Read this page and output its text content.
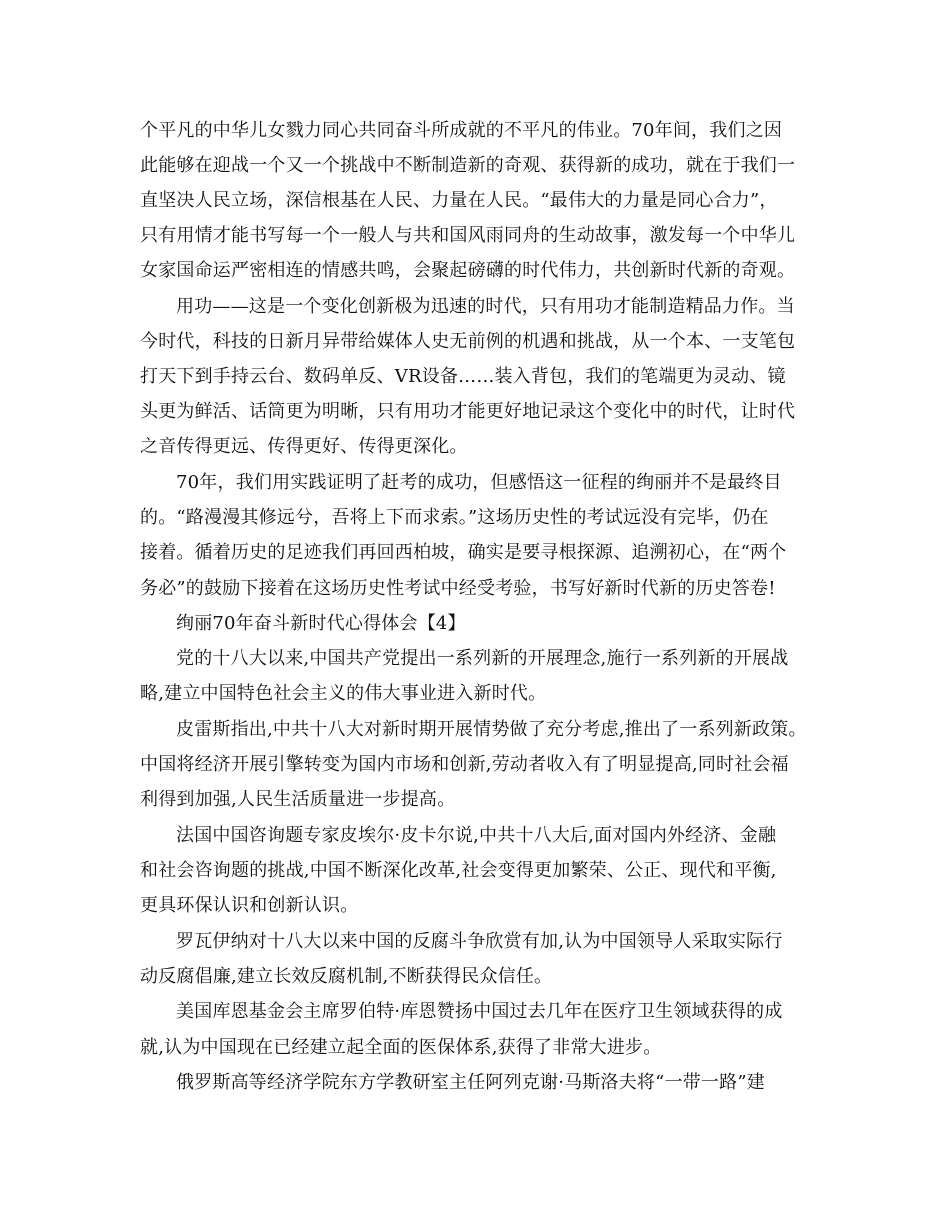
个平凡的中华儿女戮力同心共同奋斗所成就的不平凡的伟业。70年间，我们之因
此能够在迎战一个又一个挑战中不断制造新的奇观、获得新的成功，就在于我们一
直坚决人民立场，深信根基在人民、力量在人民。“最伟大的力量是同心合力”，
只有用情才能书写每一个一般人与共和国风雨同舟的生动故事，激发每一个中华儿
女家国命运严密相连的情感共鸣，会聚起磅礴的时代伟力，共创新时代新的奇观。
用功——这是一个变化创新极为迅速的时代，只有用功才能制造精品力作。当
今时代，科技的日新月异带给媒体人史无前例的机遇和挑战，从一个本、一支笔包
打天下到手持云台、数码单反、VR设备……装入背包，我们的笔端更为灵动、镜
头更为鲜活、话筒更为明晰，只有用功才能更好地记录这个变化中的时代，让时代
之音传得更远、传得更好、传得更深化。
70年，我们用实践证明了赶考的成功，但感悟这一征程的绚丽并不是最终目
的。“路漫漫其修远兮，吾将上下而求索。”这场历史性的考试远没有完毕，仍在
接着。循着历史的足迹我们再回西柏坡，确实是要寻根探源、追溯初心，在“两个
务必”的鼓励下接着在这场历史性考试中经受考验，书写好新时代新的历史答卷!
绚丽70年奋斗新时代心得体会【4】
党的十八大以来,中国共产党提出一系列新的开展理念,施行一系列新的开展战
略,建立中国特色社会主义的伟大事业进入新时代。
皮雷斯指出,中共十八大对新时期开展情势做了充分考虑,推出了一系列新政策。
中国将经济开展引擎转变为国内市场和创新,劳动者收入有了明显提高,同时社会福
利得到加强,人民生活质量进一步提高。
法国中国咨询题专家皮埃尔·皮卡尔说,中共十八大后,面对国内外经济、金融
和社会咨询题的挑战,中国不断深化改革,社会变得更加繁荣、公正、现代和平衡,
更具环保认识和创新认识。
罗瓦伊纳对十八大以来中国的反腐斗争欣赏有加,认为中国领导人采取实际行
动反腐倡廉,建立长效反腐机制,不断获得民众信任。
美国库恩基金会主席罗伯特·库恩赞扬中国过去几年在医疗卫生领域获得的成
就,认为中国现在已经建立起全面的医保体系,获得了非常大进步。
俄罗斯高等经济学院东方学教研室主任阿列克谢·马斯洛夫将“一带一路”建
